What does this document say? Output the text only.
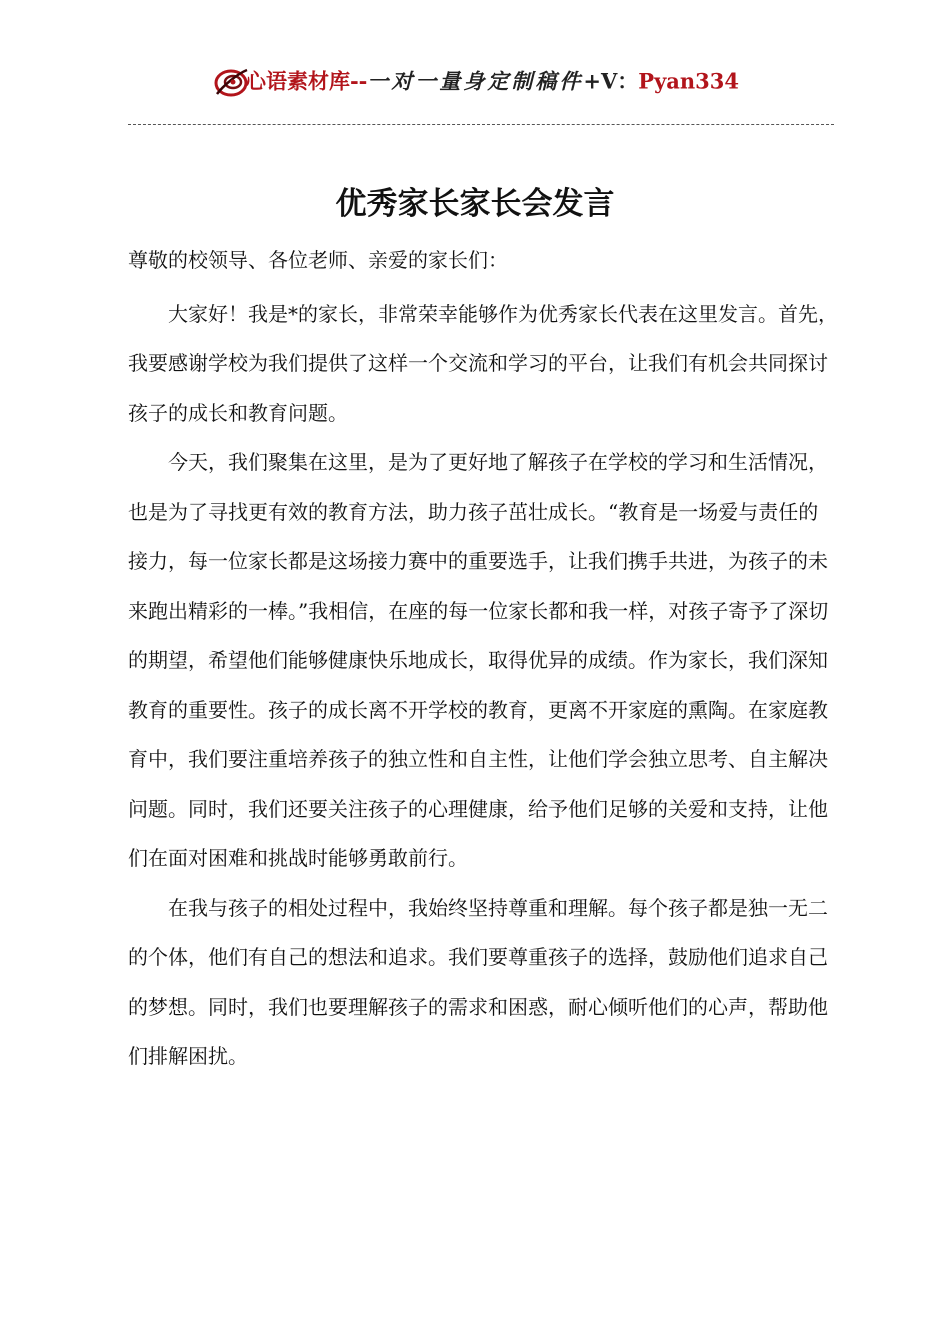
心语素材库--一对一量身定制稿件+V：Pyan334
优秀家长家长会发言

尊敬的校领导、各位老师、亲爱的家长们：

大家好！我是*的家长，非常荣幸能够作为优秀家长代表在这里发言。首先，我要感谢学校为我们提供了这样一个交流和学习的平台，让我们有机会共同探讨孩子的成长和教育问题。

今天，我们聚集在这里，是为了更好地了解孩子在学校的学习和生活情况，也是为了寻找更有效的教育方法，助力孩子茁壮成长。“教育是一场爱与责任的接力，每一位家长都是这场接力赛中的重要选手，让我们携手共进，为孩子的未来跑出精彩的一棒。”我相信，在座的每一位家长都和我一样，对孩子寄予了深切的期望，希望他们能够健康快乐地成长，取得优异的成绩。作为家长，我们深知教育的重要性。孩子的成长离不开学校的教育，更离不开家庭的熏陶。在家庭教育中，我们要注重培养孩子的独立性和自主性，让他们学会独立思考、自主解决问题。同时，我们还要关注孩子的心理健康，给予他们足够的关爱和支持，让他们在面对困难和挑战时能够勇敢前行。

在我与孩子的相处过程中，我始终坚持尊重和理解。每个孩子都是独一无二的个体，他们有自己的想法和追求。我们要尊重孩子的选择，鼓励他们追求自己的梦想。同时，我们也要理解孩子的需求和困惑，耐心倾听他们的心声，帮助他们排解困扰。
